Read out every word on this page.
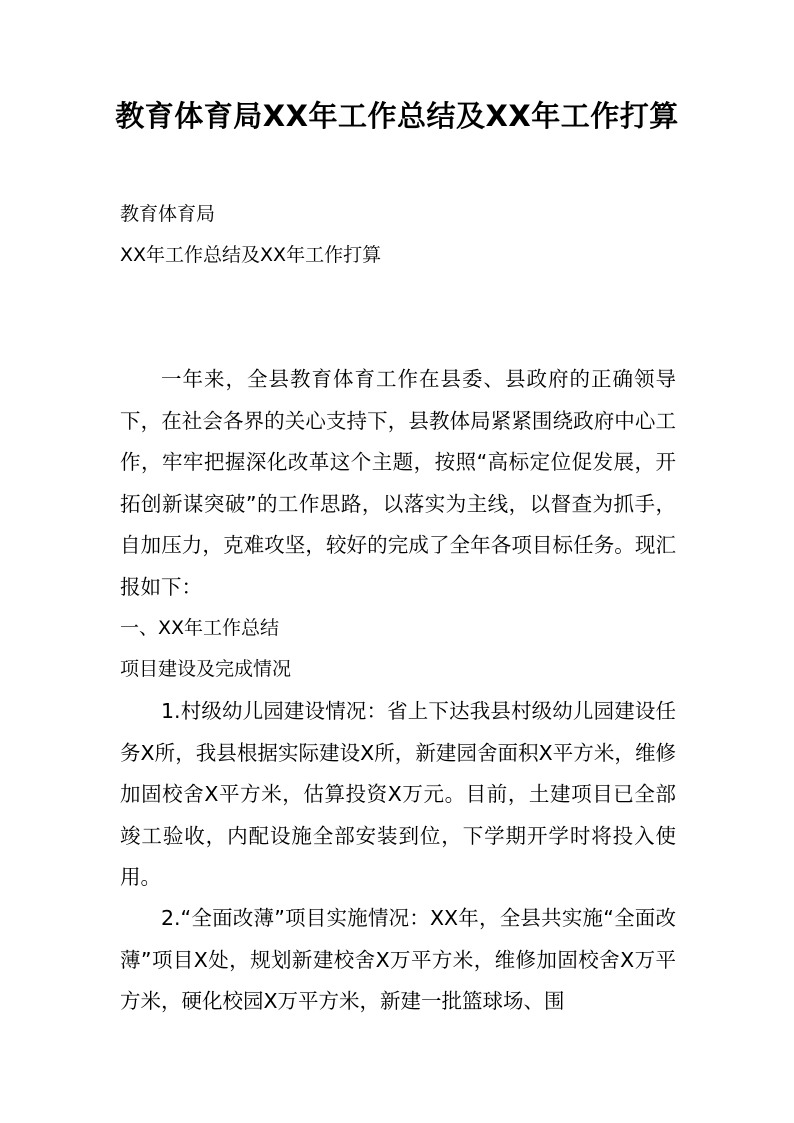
教育体育局XX年工作总结及XX年工作打算

教育体育局

XX年工作总结及XX年工作打算

一年来，全县教育体育工作在县委、县政府的正确领导下，在社会各界的关心支持下，县教体局紧紧围绕政府中心工作，牢牢把握深化改革这个主题，按照“高标定位促发展，开拓创新谋突破”的工作思路，以落实为主线，以督查为抓手，自加压力，克难攻坚，较好的完成了全年各项目标任务。现汇报如下：

一、XX年工作总结

项目建设及完成情况

1.村级幼儿园建设情况：省上下达我县村级幼儿园建设任务X所，我县根据实际建设X所，新建园舍面积X平方米，维修加固校舍X平方米，估算投资X万元。目前，土建项目已全部竣工验收，内配设施全部安装到位，下学期开学时将投入使用。

2.“全面改薄”项目实施情况：XX年，全县共实施“全面改薄”项目X处，规划新建校舍X万平方米，维修加固校舍X万平方米，硬化校园X万平方米，新建一批篮球场、围
